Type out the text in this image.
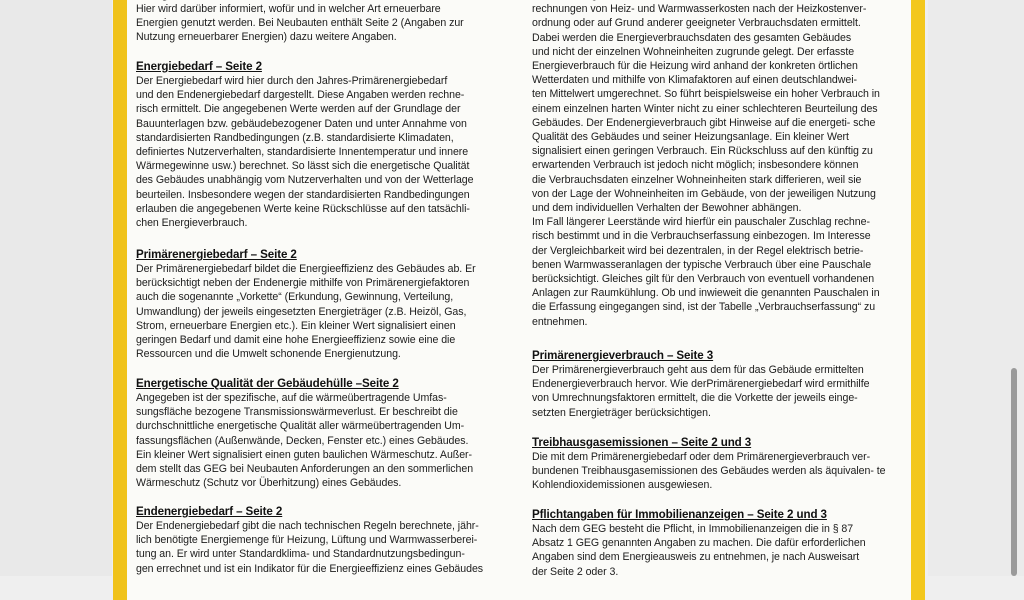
Hier wird darüber informiert, wofür und in welcher Art erneuerbare
Energien genutzt werden. Bei Neubauten enthält Seite 2 (Angaben zur
Nutzung erneuerbarer Energien) dazu weitere Angaben.
Energiebedarf – Seite 2
Der Energiebedarf wird hier durch den Jahres-Primärenergiebedarf
und den Endenergiebedarf dargestellt. Diese Angaben werden rechne-
risch ermittelt. Die angegebenen Werte werden auf der Grundlage der
Bauunterlagen bzw. gebäudebezogener Daten und unter Annahme von
standardisierten Randbedingungen (z.B. standardisierte Klimadaten,
definiertes Nutzerverhalten, standardisierte Innentemperatur und innere
Wärmegewinne usw.) berechnet. So lässt sich die energetische Qualität
des Gebäudes unabhängig vom Nutzerverhalten und von der Wetterlage
beurteilen. Insbesondere wegen der standardisierten Randbedingungen
erlauben die angegebenen Werte keine Rückschlüsse auf den tatsächli-
chen Energieverbrauch.
Primärenergiebedarf – Seite 2
Der Primärenergiebedarf bildet die Energieeffizienz des Gebäudes ab. Er
berücksichtigt neben der Endenergie mithilfe von Primärenergiefaktoren
auch die sogenannte „Vorkette“ (Erkundung, Gewinnung, Verteilung,
Umwandlung) der jeweils eingesetzten Energieträger (z.B. Heizöl, Gas,
Strom, erneuerbare Energien etc.). Ein kleiner Wert signalisiert einen
geringen Bedarf und damit eine hohe Energieeffizienz sowie eine die
Ressourcen und die Umwelt schonende Energienutzung.
Energetische Qualität der Gebäudehülle –Seite 2
Angegeben ist der spezifische, auf die wärmeübertragende Umfas-
sungsfläche bezogene Transmissionswärmeverlust. Er beschreibt die
durchschnittliche energetische Qualität aller wärmeübertragenden Um-
fassungsflächen (Außenwände, Decken, Fenster etc.) eines Gebäudes.
Ein kleiner Wert signalisiert einen guten baulichen Wärmeschutz. Außer-
dem stellt das GEG bei Neubauten Anforderungen an den sommerlichen
Wärmeschutz (Schutz vor Überhitzung) eines Gebäudes.
Endenergiebedarf – Seite 2
Der Endenergiebedarf gibt die nach technischen Regeln berechnete, jähr-
lich benötigte Energiemenge für Heizung, Lüftung und Warmwasserberei-
tung an. Er wird unter Standardklima- und Standardnutzungsbedingun-
gen errechnet und ist ein Indikator für die Energieeffizienz eines Gebäudes
rechnungen von Heiz- und Warmwasserkosten nach der Heizkostenver-
ordnung oder auf Grund anderer geeigneter Verbrauchsdaten ermittelt.
Dabei werden die Energieverbrauchsdaten des gesamten Gebäudes
und nicht der einzelnen Wohneinheiten zugrunde gelegt. Der erfasste
Energieverbrauch für die Heizung wird anhand der konkreten örtlichen
Wetterdaten und mithilfe von Klimafaktoren auf einen deutschlandwei-
ten Mittelwert umgerechnet. So führt beispielsweise ein hoher Verbrauch in
einem einzelnen harten Winter nicht zu einer schlechteren Beurteilung des
Gebäudes. Der Endenergieverbrauch gibt Hinweise auf die energeti- sche
Qualität des Gebäudes und seiner Heizungsanlage. Ein kleiner Wert
signalisiert einen geringen Verbrauch. Ein Rückschluss auf den künftig zu
erwartenden Verbrauch ist jedoch nicht möglich; insbesondere können
die Verbrauchsdaten einzelner Wohneinheiten stark differieren, weil sie
von der Lage der Wohneinheiten im Gebäude, von der jeweiligen Nutzung
und dem individuellen Verhalten der Bewohner abhängen.
Im Fall längerer Leerstände wird hierfür ein pauschaler Zuschlag rechne-
risch bestimmt und in die Verbrauchserfassung einbezogen. Im Interesse
der Vergleichbarkeit wird bei dezentralen, in der Regel elektrisch betrie-
benen Warmwasseranlagen der typische Verbrauch über eine Pauschale
berücksichtigt. Gleiches gilt für den Verbrauch von eventuell vorhandenen
Anlagen zur Raumkühlung. Ob und inwieweit die genannten Pauschalen in
die Erfassung eingegangen sind, ist der Tabelle „Verbrauchserfassung“ zu
entnehmen.
Primärenergieverbrauch – Seite 3
Der Primärenergieverbrauch geht aus dem für das Gebäude ermittelten
Endenergieverbrauch hervor. Wie derPrimärenergiebedarf wird ermithilfe
von Umrechnungsfaktoren ermittelt, die die Vorkette der jeweils einge-
setzten Energieträger berücksichtigen.
Treibhausgasemissionen – Seite 2 und 3
Die mit dem Primärenergiebedarf oder dem Primärenergieverbrauch ver-
bundenen Treibhausgasemissionen des Gebäudes werden als äquivalen- te
Kohlendioxidemissionen ausgewiesen.
Pflichtangaben für Immobilienanzeigen – Seite 2 und 3
Nach dem GEG besteht die Pflicht, in Immobilienanzeigen die in § 87
Absatz 1 GEG genannten Angaben zu machen. Die dafür erforderlichen
Angaben sind dem Energieausweis zu entnehmen, je nach Ausweisart
der Seite 2 oder 3.
